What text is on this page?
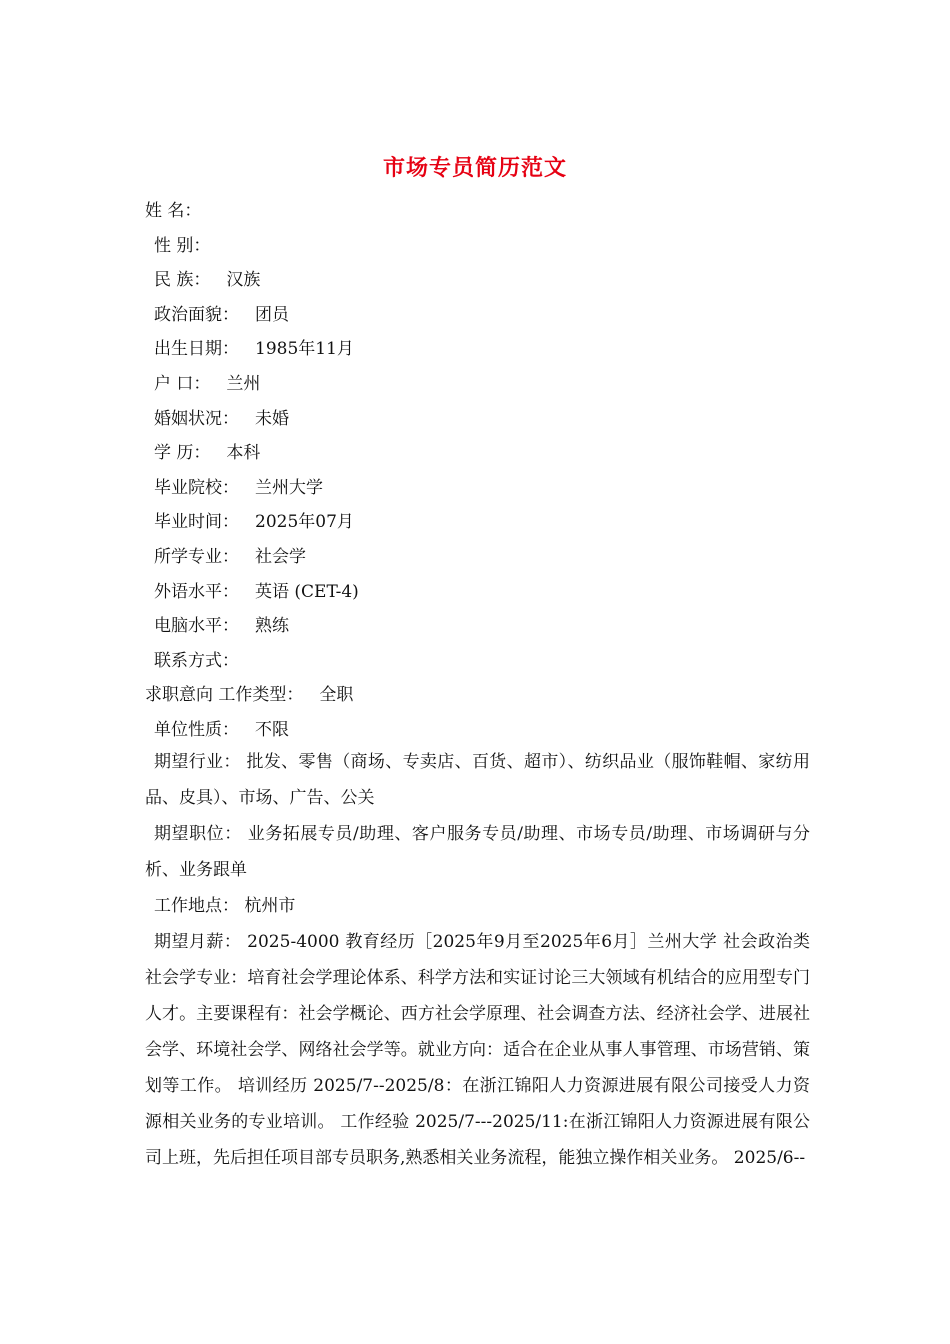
市场专员简历范文
姓 名：
性 别：
民 族： 汉族
政治面貌： 团员
出生日期： 1985年11月
户 口： 兰州
婚姻状况： 未婚
学 历： 本科
毕业院校： 兰州大学
毕业时间： 2025年07月
所学专业： 社会学
外语水平： 英语 (CET-4)
电脑水平： 熟练
联系方式：
求职意向 工作类型： 全职
单位性质： 不限

期望行业： 批发、零售（商场、专卖店、百货、超市）、纺织品业（服饰鞋帽、家纺用品、皮具）、市场、广告、公关

期望职位： 业务拓展专员/助理、客户服务专员/助理、市场专员/助理、市场调研与分析、业务跟单

工作地点： 杭州市

期望月薪： 2025-4000 教育经历［2025年9月至2025年6月］兰州大学 社会政治类 社会学专业：培育社会学理论体系、科学方法和实证讨论三大领域有机结合的应用型专门人才。主要课程有：社会学概论、西方社会学原理、社会调查方法、经济社会学、进展社会学、环境社会学、网络社会学等。就业方向：适合在企业从事人事管理、市场营销、策划等工作。 培训经历 2025/7--2025/8：在浙江锦阳人力资源进展有限公司接受人力资源相关业务的专业培训。 工作经验 2025/7---2025/11:在浙江锦阳人力资源进展有限公司上班，先后担任项目部专员职务,熟悉相关业务流程，能独立操作相关业务。 2025/6--
